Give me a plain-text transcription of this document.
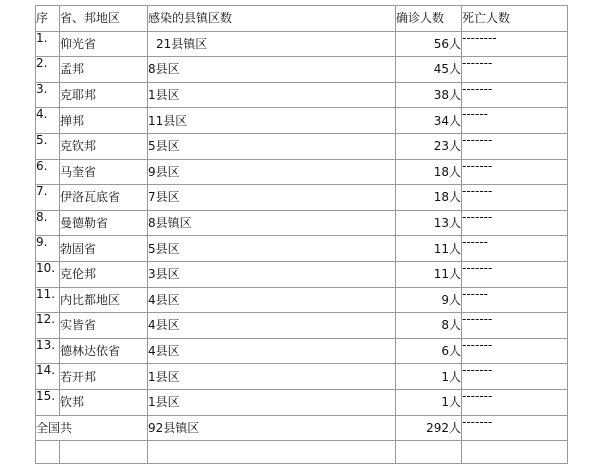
序	省、邦地区	感染的县镇区数	确诊人数	死亡人数
1.	仰光省	21县镇区	56人	--------
2.	孟邦	8县区	45人	-------
3.	克耶邦	1县区	38人	-------
4.	掸邦	11县区	34人	------
5.	克钦邦	5县区	23人	-------
6.	马奎省	9县区	18人	-------
7.	伊洛瓦底省	7县区	18人	-------
8.	曼德勒省	8县镇区	13人	-------
9.	勃固省	5县区	11人	------
10.	克伦邦	3县区	11人	-------
11.	内比都地区	4县区	9人	------
12.	实皆省	4县区	8人	-------
13.	德林达依省	4县区	6人	-------
14.	若开邦	1县区	1人	-------
15.	钦邦	1县区	1人	-------
全国共		92县镇区	292人	-------
